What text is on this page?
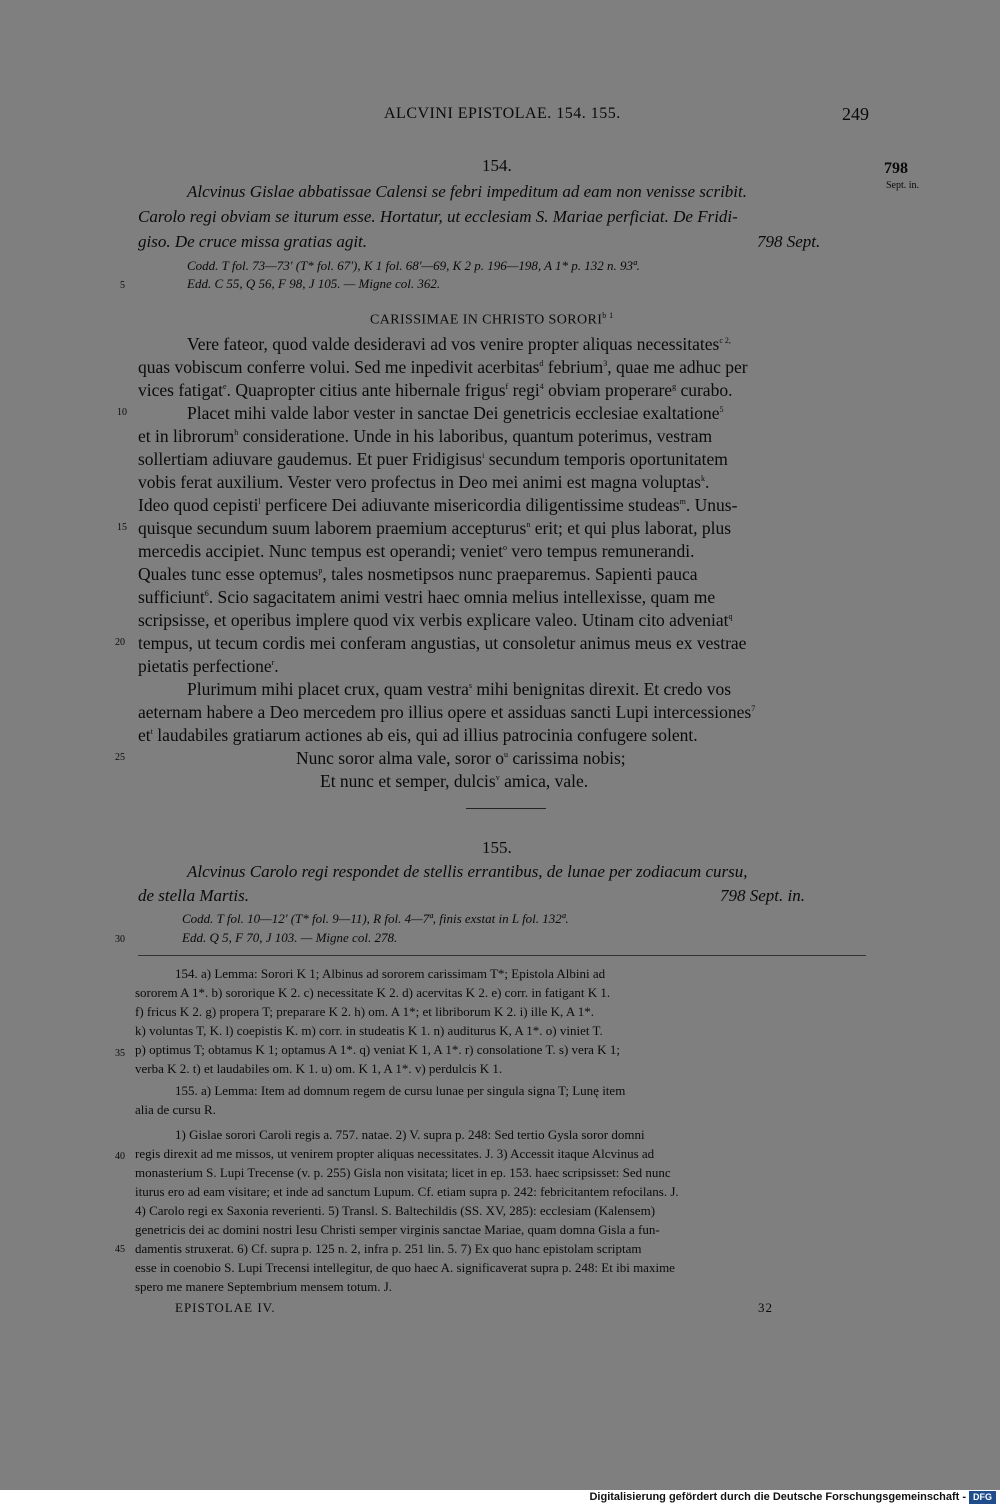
ALCVINI EPISTOLAE. 154. 155.	249
798
Sept. in.
154.
Alcvinus Gislae abbatissae Calensi se febri impeditum ad eam non venisse scribit.
Carolo regi obviam se iturum esse. Hortatur, ut ecclesiam S. Mariae perficiat. De Fridi-
giso. De cruce missa gratias agit.	798 Sept.
Codd. T fol. 73—73' (T* fol. 67'), K 1 fol. 68'—69, K 2 p. 196—198, A 1* p. 132 n. 93ª.
Edd. C 55, Q 56, F 98, J 105. — Migne col. 362.
CARISSIMAE IN CHRISTO $SORORI^{b 1}$
Vere fateor, quod valde desideravi ad vos venire propter aliquas necessitates$^{c 2,}$
quas vobiscum conferre volui. Sed me inpedivit acerbitas$^d$ febrium$^3$, quae me adhuc per
vices fatigat$^e$. Quapropter citius ante hibernale frigus$^f$ regi$^4$ obviam properare$^g$ curabo.
Placet mihi valde labor vester in sanctae Dei genetricis ecclesiae exaltatione$^5$
et in librorum$^h$ consideratione. Unde in his laboribus, quantum poterimus, vestram
sollertiam adiuvare gaudemus. Et puer Fridigisus$^i$ secundum temporis oportunitatem
vobis ferat auxilium. Vester vero profectus in Deo mei animi est magna voluptas$^k$.
Ideo quod cepisti$^l$ perficere Dei adiuvante misericordia diligentissime studeas$^m$. Unus-
quisque secundum suum laborem praemium accepturus$^n$ erit; et qui plus laborat, plus
mercedis accipiet. Nunc tempus est operandi; veniet$^o$ vero tempus remunerandi.
Quales tunc esse optemus$^p$, tales nosmetipsos nunc praeparemus. Sapienti pauca
sufficiunt$^6$. Scio sagacitatem animi vestri haec omnia melius intellexisse, quam me
scripsisse, et operibus implere quod vix verbis explicare valeo. Utinam cito adveniat$^q$
tempus, ut tecum cordis mei conferam angustias, ut consoletur animus meus ex vestrae
pietatis perfectione$^r$.
Plurimum mihi placet crux, quam vestra$^s$ mihi benignitas direxit. Et credo vos
aeternam habere a Deo mercedem pro illius opere et assiduas sancti Lupi intercessiones$^7$
$et^t$ laudabiles gratiarum actiones ab eis, qui ad illius patrocinia confugere solent.
Nunc soror alma vale, soror $o^u$ carissima nobis;
Et nunc et semper, dulcis$^v$ amica, vale.
5
10
15
20
25
30
35
40
45
155.
Alcvinus Carolo regi respondet de stellis errantibus, de lunae per zodiacum cursu,
de stella Martis.	798 Sept. in.
Codd. T fol. 10—12' (T* fol. 9—11), R fol. 4—7ª, finis exstat in L fol. 132ª.
Edd. Q 5, F 70, J 103. — Migne col. 278.
154. a) Lemma: Sorori K 1; Albinus ad sororem carissimam T*; Epistola Albini ad
sororem A 1*. b) sororique K 2. c) necessitate K 2. d) acervitas K 2. e) corr. in fatigant K 1.
f) fricus K 2. g) propera T; preparare K 2. h) om. A 1*; et libriborum K 2. i) ille K, A 1*.
k) voluntas T, K. l) coepistis K. m) corr. in studeatis K 1. n) auditurus K, A 1*. o) viniet T.
p) optimus T; obtamus K 1; optamus A 1*. q) veniat K 1, A 1*. r) consolatione T. s) vera K 1;
verba K 2. t) et laudabiles om. K 1. u) om. K 1, A 1*. v) perdulcis K 1.
155. a) Lemma: Item ad domnum regem de cursu lunae per singula signa T; Lunę item
alia de cursu R.
1) Gislae sorori Caroli regis a. 757. natae. 2) V. supra p. 248: Sed tertio Gysla soror domni
regis direxit ad me missos, ut venirem propter aliquas necessitates. J. 3) Accessit itaque Alcvinus ad
monasterium S. Lupi Trecense (v. p. 255) Gisla non visitata; licet in ep. 153. haec scripsisset: Sed nunc
iturus ero ad eam visitare; et inde ad sanctum Lupum. Cf. etiam supra p. 242: febricitantem refocilans. J.
4) Carolo regi ex Saxonia reverienti. 5) Transl. S. Baltechildis (SS. XV, 285): ecclesiam (Kalensem)
genetricis dei ac domini nostri Iesu Christi semper virginis sanctae Mariae, quam domna Gisla a fun-
damentis struxerat. 6) Cf. supra p. 125 n. 2, infra p. 251 lin. 5. 7) Ex quo hanc epistolam scriptam
esse in coenobio S. Lupi Trecensi intellegitur, de quo haec A. significaverat supra p. 248: Et ibi maxime
spero me manere Septembrium mensem totum. J.
EPISTOLAE IV.	32
Digitalisierung gefördert durch die Deutsche Forschungsgemeinschaft - DFG
